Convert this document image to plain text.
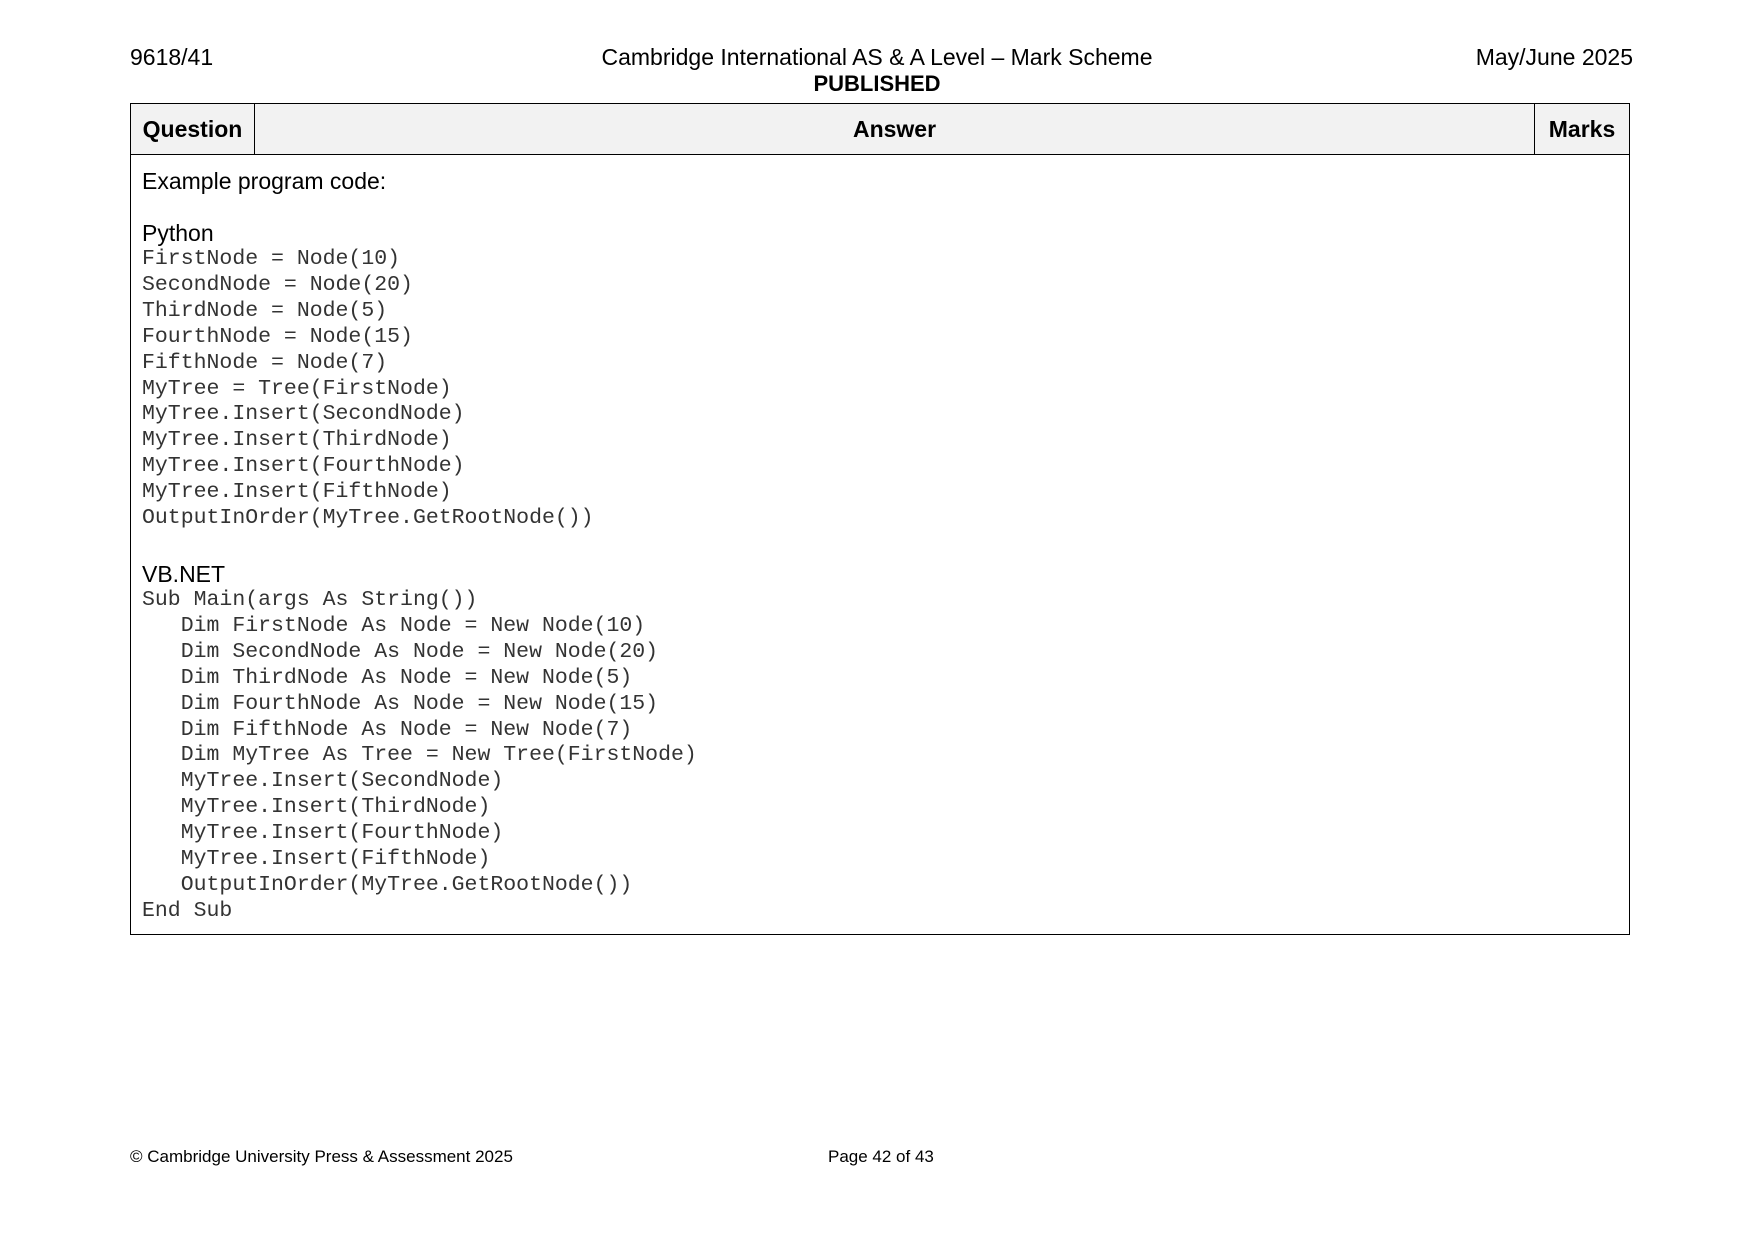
9618/41	Cambridge International AS & A Level – Mark Scheme	May/June 2025
PUBLISHED
Question	Answer	Marks

Example program code:

Python

FirstNode = Node(10)
SecondNode = Node(20)
ThirdNode = Node(5)
FourthNode = Node(15)
FifthNode = Node(7)
MyTree = Tree(FirstNode)
MyTree.Insert(SecondNode)
MyTree.Insert(ThirdNode)
MyTree.Insert(FourthNode)
MyTree.Insert(FifthNode)
OutputInOrder(MyTree.GetRootNode())

VB.NET

Sub Main(args As String())
Dim FirstNode As Node = New Node(10)
Dim SecondNode As Node = New Node(20)
Dim ThirdNode As Node = New Node(5)
Dim FourthNode As Node = New Node(15)
Dim FifthNode As Node = New Node(7)
Dim MyTree As Tree = New Tree(FirstNode)
MyTree.Insert(SecondNode)
MyTree.Insert(ThirdNode)
MyTree.Insert(FourthNode)
MyTree.Insert(FifthNode)
OutputInOrder(MyTree.GetRootNode())
End Sub
© Cambridge University Press & Assessment 2025	Page 42 of 43
